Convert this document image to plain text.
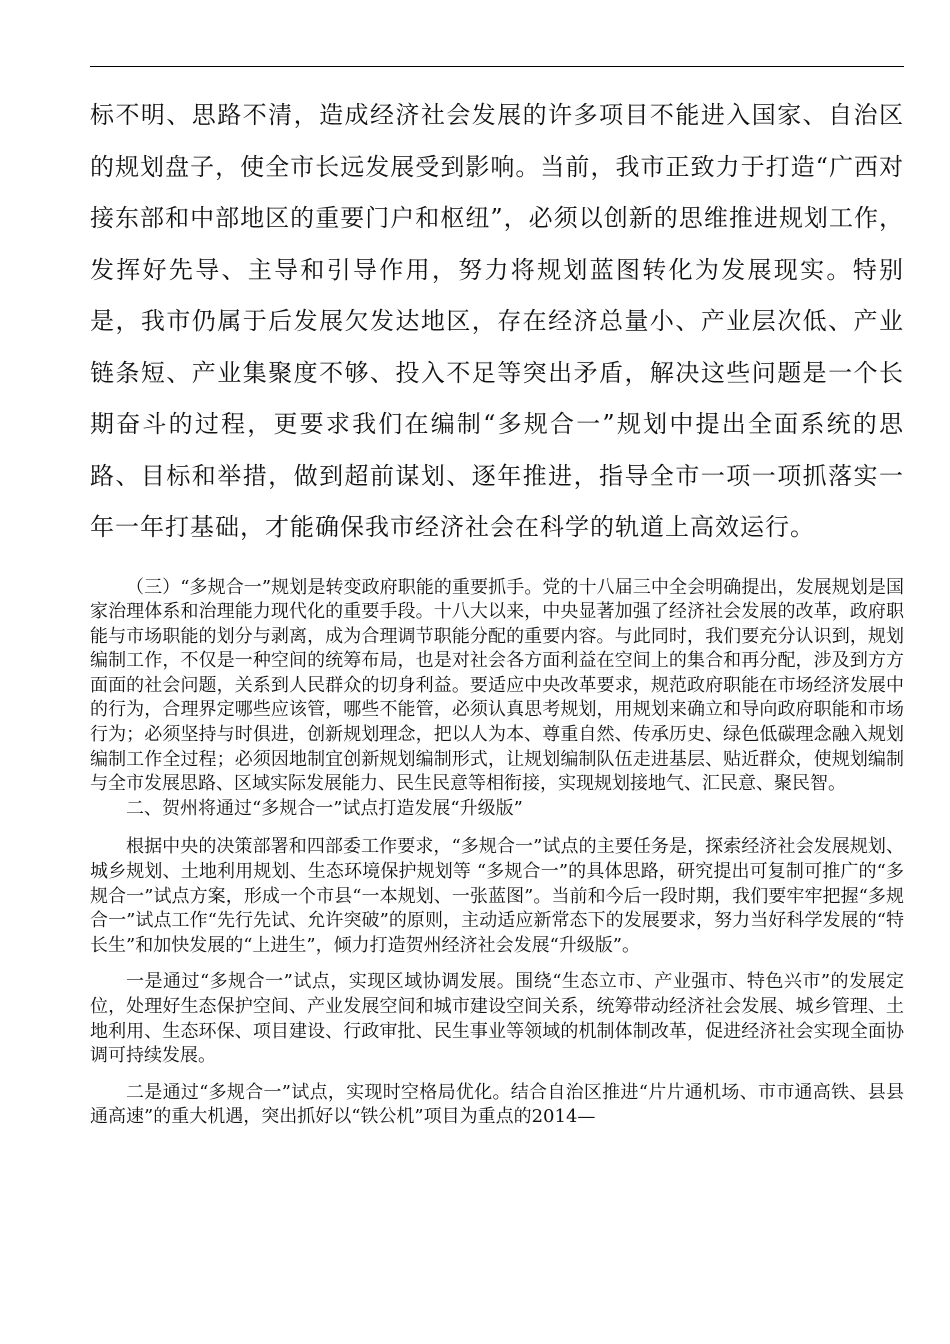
标不明、思路不清，造成经济社会发展的许多项目不能进入国家、自治区的规划盘子，使全市长远发展受到影响。当前，我市正致力于打造“广西对接东部和中部地区的重要门户和枢纽”，必须以创新的思维推进规划工作，发挥好先导、主导和引导作用，努力将规划蓝图转化为发展现实。特别是，我市仍属于后发展欠发达地区，存在经济总量小、产业层次低、产业链条短、产业集聚度不够、投入不足等突出矛盾，解决这些问题是一个长期奋斗的过程，更要求我们在编制“多规合一”规划中提出全面系统的思路、目标和举措，做到超前谋划、逐年推进，指导全市一项一项抓落实一年一年打基础，才能确保我市经济社会在科学的轨道上高效运行。

（三）“多规合一”规划是转变政府职能的重要抓手。党的十八届三中全会明确提出，发展规划是国家治理体系和治理能力现代化的重要手段。十八大以来，中央显著加强了经济社会发展的改革，政府职能与市场职能的划分与剥离，成为合理调节职能分配的重要内容。与此同时，我们要充分认识到，规划编制工作，不仅是一种空间的统筹布局，也是对社会各方面利益在空间上的集合和再分配，涉及到方方面面的社会问题，关系到人民群众的切身利益。要适应中央改革要求，规范政府职能在市场经济发展中的行为，合理界定哪些应该管，哪些不能管，必须认真思考规划，用规划来确立和导向政府职能和市场行为；必须坚持与时俱进，创新规划理念，把以人为本、尊重自然、传承历史、绿色低碳理念融入规划编制工作全过程；必须因地制宜创新规划编制形式，让规划编制队伍走进基层、贴近群众，使规划编制与全市发展思路、区域实际发展能力、民生民意等相衔接，实现规划接地气、汇民意、聚民智。

二、贺州将通过“多规合一”试点打造发展“升级版”

根据中央的决策部署和四部委工作要求，“多规合一”试点的主要任务是，探索经济社会发展规划、城乡规划、土地利用规划、生态环境保护规划等 “多规合一”的具体思路，研究提出可复制可推广的“多规合一”试点方案，形成一个市县“一本规划、一张蓝图”。当前和今后一段时期，我们要牢牢把握“多规合一”试点工作“先行先试、允许突破”的原则，主动适应新常态下的发展要求，努力当好科学发展的“特长生”和加快发展的“上进生”，倾力打造贺州经济社会发展“升级版”。

一是通过“多规合一”试点，实现区域协调发展。围绕“生态立市、产业强市、特色兴市”的发展定位，处理好生态保护空间、产业发展空间和城市建设空间关系，统筹带动经济社会发展、城乡管理、土地利用、生态环保、项目建设、行政审批、民生事业等领域的机制体制改革，促进经济社会实现全面协调可持续发展。

二是通过“多规合一”试点，实现时空格局优化。结合自治区推进“片片通机场、市市通高铁、县县通高速”的重大机遇，突出抓好以“铁公机”项目为重点的2014—
